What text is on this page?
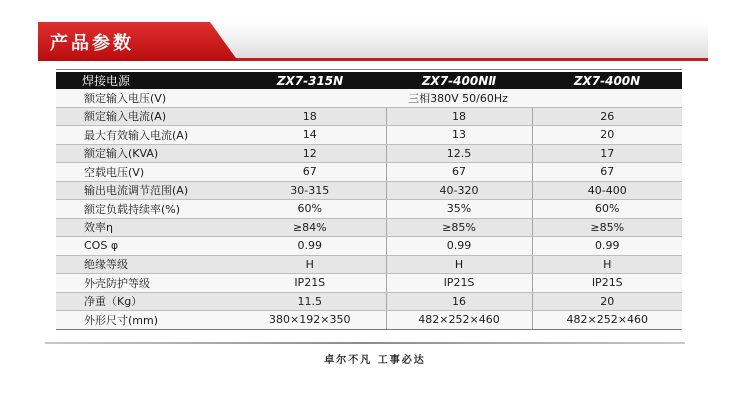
产品参数
焊接电源	ZX7-315N	ZX7-400NⅡ	ZX7-400N
额定输入电压(V)	三相380V 50/60Hz		
额定输入电流(A)	18	18	26
最大有效输入电流(A)	14	13	20
额定输入(KVA)	12	12.5	17
空载电压(V)	67	67	67
输出电流调节范围(A)	30-315	40-320	40-400
额定负载持续率(%)	60%	35%	60%
效率η	≥84%	≥85%	≥85%
COS φ	0.99	0.99	0.99
绝缘等级	H	H	H
外壳防护等级	IP21S	IP21S	IP21S
净重（Kg）	11.5	16	20
外形尺寸(mm)	380×192×350	482×252×460	482×252×460
卓尔不凡 工事必达
